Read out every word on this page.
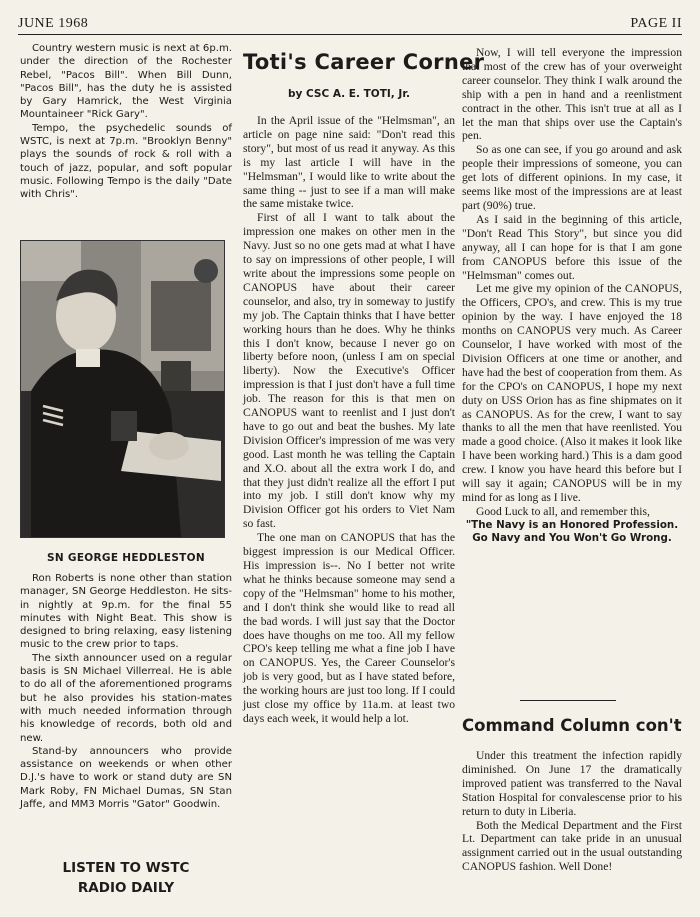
JUNE 1968	PAGE II

Country western music is next at 6p.m. under the direction of the Rochester Rebel, "Pacos Bill". When Bill Dunn, "Pacos Bill", has the duty he is assisted by Gary Hamrick, the West Virginia Mountaineer "Rick Gary".

Tempo, the psychedelic sounds of WSTC, is next at 7p.m. "Brooklyn Benny" plays the sounds of rock & roll with a touch of jazz, popular, and soft popular music. Following Tempo is the daily "Date with Chris".

SN GEORGE HEDDLESTON

Ron Roberts is none other than station manager, SN George Heddleston. He sits-in nightly at 9p.m. for the final 55 minutes with Night Beat. This show is designed to bring relaxing, easy listening music to the crew prior to taps.

The sixth announcer used on a regular basis is SN Michael Villerreal. He is able to do all of the aforementioned programs but he also provides his station-mates with much needed information through his knowledge of records, both old and new.

Stand-by announcers who provide assistance on weekends or when other D.J.'s have to work or stand duty are SN Mark Roby, FN Michael Dumas, SN Stan Jaffe, and MM3 Morris "Gator" Goodwin.

LISTEN TO WSTC
RADIO DAILY
Toti's Career Corner
by CSC A. E. TOTI, Jr.

In the April issue of the "Helmsman", an article on page nine said: "Don't read this story", but most of us read it anyway. As this is my last article I will have in the "Helmsman", I would like to write about the same thing -- just to see if a man will make the same mistake twice.

First of all I want to talk about the impression one makes on other men in the Navy. Just so no one gets mad at what I have to say on impressions of other people, I will write about the impressions some people on CANOPUS have about their career counselor, and also, try in someway to justify my job. The Captain thinks that I have better working hours than he does. Why he thinks this I don't know, because I never go on liberty before noon, (unless I am on special liberty). Now the Executive's Officer impression is that I just don't have a full time job. The reason for this is that men on CANOPUS want to reenlist and I just don't have to go out and beat the bushes. My late Division Officer's impression of me was very good. Last month he was telling the Captain and X.O. about all the extra work I do, and that they just didn't realize all the effort I put into my job. I still don't know why my Division Officer got his orders to Viet Nam so fast.

The one man on CANOPUS that has the biggest impression is our Medical Officer. His impression is--. No I better not write what he thinks because someone may send a copy of the "Helmsman" home to his mother, and I don't think she would like to read all the bad words. I will just say that the Doctor does have thoughs on me too. All my fellow CPO's keep telling me what a fine job I have on CANOPUS. Yes, the Career Counselor's job is very good, but as I have stated before, the working hours are just too long. If I could just close my office by 11a.m. at least two days each week, it would help a lot.

Now, I will tell everyone the impression that most of the crew has of your overweight career counselor. They think I walk around the ship with a pen in hand and a reenlistment contract in the other. This isn't true at all as I let the man that ships over use the Captain's pen.

So as one can see, if you go around and ask people their impressions of someone, you can get lots of different opinions. In my case, it seems like most of the impressions are at least part (90%) true.

As I said in the beginning of this article, "Don't Read This Story", but since you did anyway, all I can hope for is that I am gone from CANOPUS before this issue of the "Helmsman" comes out.

Let me give my opinion of the CANOPUS, the Officers, CPO's, and crew. This is my true opinion by the way. I have enjoyed the 18 months on CANOPUS very much. As Career Counselor, I have worked with most of the Division Officers at one time or another, and have had the best of cooperation from them. As for the CPO's on CANOPUS, I hope my next duty on USS Orion has as fine shipmates on it as CANOPUS. As for the crew, I want to say thanks to all the men that have reenlisted. You made a good choice. (Also it makes it look like I have been working hard.) This is a dam good crew. I know you have heard this before but I will say it again; CANOPUS will be in my mind for as long as I live.

Good Luck to all, and remember this,

"The Navy is an Honored Profession. Go Navy and You Won't Go Wrong.
Command Column con't

Under this treatment the infection rapidly diminished. On June 17 the dramatically improved patient was transferred to the Naval Station Hospital for convalescense prior to his return to duty in Liberia.

Both the Medical Department and the First Lt. Department can take pride in an unusual assignment carried out in the usual outstanding CANOPUS fashion. Well Done!
